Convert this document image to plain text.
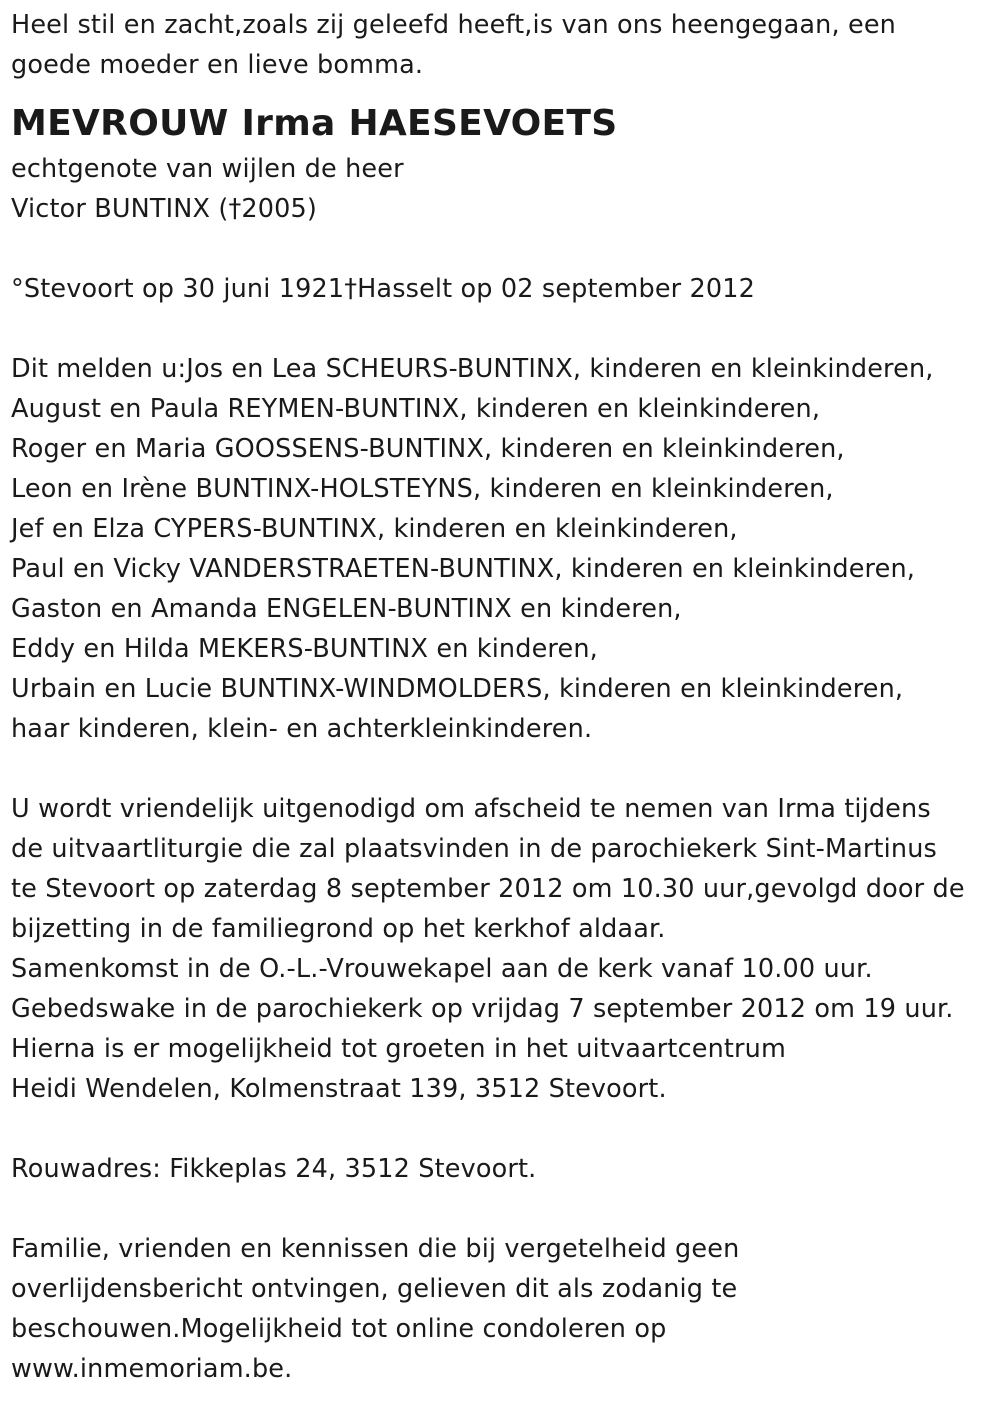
Heel stil en zacht,zoals zij geleefd heeft,is van ons heengegaan, een
goede moeder en lieve bomma.
MEVROUW Irma HAESEVOETS
echtgenote van wijlen de heer
Victor BUNTINX (†2005)
°Stevoort op 30 juni 1921†Hasselt op 02 september 2012
Dit melden u:Jos en Lea SCHEURS-BUNTINX, kinderen en kleinkinderen,
August en Paula REYMEN-BUNTINX, kinderen en kleinkinderen,
Roger en Maria GOOSSENS-BUNTINX, kinderen en kleinkinderen,
Leon en Irène BUNTINX-HOLSTEYNS, kinderen en kleinkinderen,
Jef en Elza CYPERS-BUNTINX, kinderen en kleinkinderen,
Paul en Vicky VANDERSTRAETEN-BUNTINX, kinderen en kleinkinderen,
Gaston en Amanda ENGELEN-BUNTINX en kinderen,
Eddy en Hilda MEKERS-BUNTINX en kinderen,
Urbain en Lucie BUNTINX-WINDMOLDERS, kinderen en kleinkinderen,
haar kinderen, klein- en achterkleinkinderen.
U wordt vriendelijk uitgenodigd om afscheid te nemen van Irma tijdens
de uitvaartliturgie die zal plaatsvinden in de parochiekerk Sint-Martinus
te Stevoort op zaterdag 8 september 2012 om 10.30 uur,gevolgd door de
bijzetting in de familiegrond op het kerkhof aldaar.
Samenkomst in de O.-L.-Vrouwekapel aan de kerk vanaf 10.00 uur.
Gebedswake in de parochiekerk op vrijdag 7 september 2012 om 19 uur.
Hierna is er mogelijkheid tot groeten in het uitvaartcentrum
Heidi Wendelen, Kolmenstraat 139, 3512 Stevoort.
Rouwadres: Fikkeplas 24, 3512 Stevoort.
Familie, vrienden en kennissen die bij vergetelheid geen
overlijdensbericht ontvingen, gelieven dit als zodanig te
beschouwen.Mogelijkheid tot online condoleren op
www.inmemoriam.be.
